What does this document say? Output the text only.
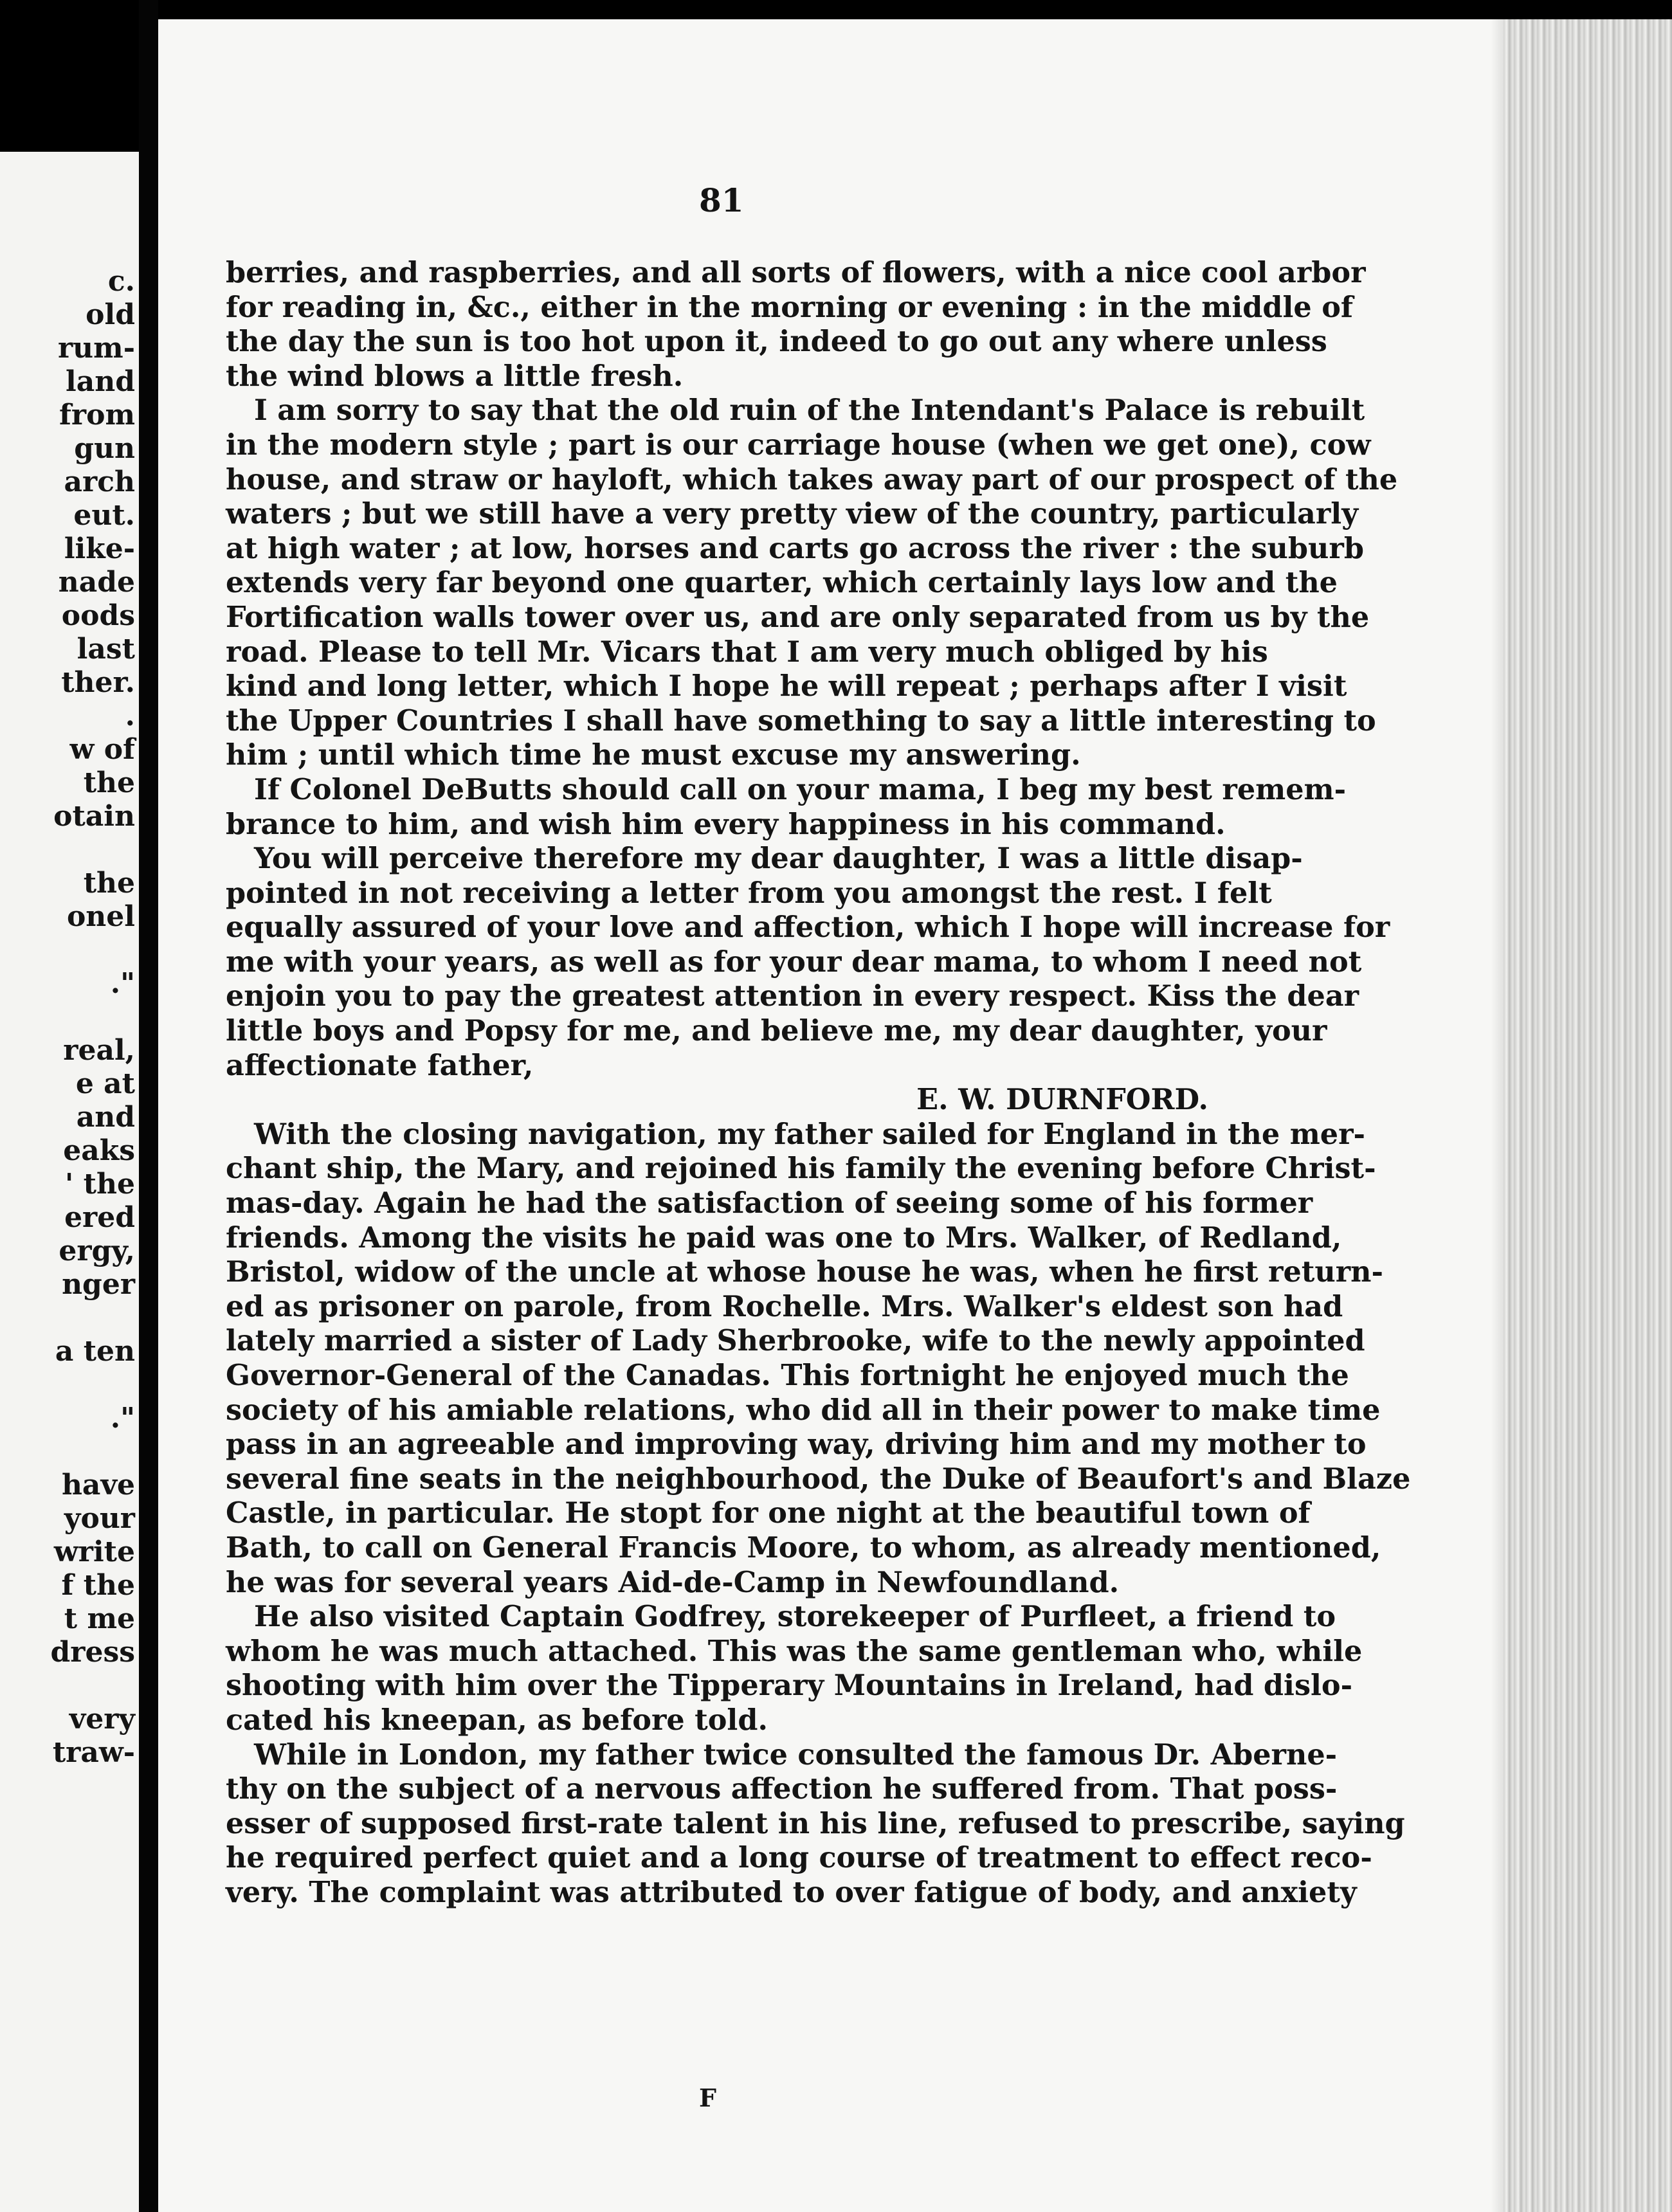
c.
old
rum-
land
from
gun
arch
eut.
like-
nade
oods
last
ther.
.
w of
the
otain
the
onel
."
real,
e at
and
eaks
' the
ered
ergy,
nger
a ten
."
have
your
write
f the
t me
dress
very
traw-
81
berries, and raspberries, and all sorts of flowers, with a nice cool arbor
for reading in, &c., either in the morning or evening : in the middle of
the day the sun is too hot upon it, indeed to go out any where unless
the wind blows a little fresh.
I am sorry to say that the old ruin of the Intendant's Palace is rebuilt
in the modern style ; part is our carriage house (when we get one), cow
house, and straw or hayloft, which takes away part of our prospect of the
waters ; but we still have a very pretty view of the country, particularly
at high water ; at low, horses and carts go across the river : the suburb
extends very far beyond one quarter, which certainly lays low and the
Fortification walls tower over us, and are only separated from us by the
road. Please to tell Mr. Vicars that I am very much obliged by his
kind and long letter, which I hope he will repeat ; perhaps after I visit
the Upper Countries I shall have something to say a little interesting to
him ; until which time he must excuse my answering.
If Colonel DeButts should call on your mama, I beg my best remem-
brance to him, and wish him every happiness in his command.
You will perceive therefore my dear daughter, I was a little disap-
pointed in not receiving a letter from you amongst the rest. I felt
equally assured of your love and affection, which I hope will increase for
me with your years, as well as for your dear mama, to whom I need not
enjoin you to pay the greatest attention in every respect. Kiss the dear
little boys and Popsy for me, and believe me, my dear daughter, your
affectionate father,
E. W. DURNFORD.
With the closing navigation, my father sailed for England in the mer-
chant ship, the Mary, and rejoined his family the evening before Christ-
mas-day. Again he had the satisfaction of seeing some of his former
friends. Among the visits he paid was one to Mrs. Walker, of Redland,
Bristol, widow of the uncle at whose house he was, when he first return-
ed as prisoner on parole, from Rochelle. Mrs. Walker's eldest son had
lately married a sister of Lady Sherbrooke, wife to the newly appointed
Governor-General of the Canadas. This fortnight he enjoyed much the
society of his amiable relations, who did all in their power to make time
pass in an agreeable and improving way, driving him and my mother to
several fine seats in the neighbourhood, the Duke of Beaufort's and Blaze
Castle, in particular. He stopt for one night at the beautiful town of
Bath, to call on General Francis Moore, to whom, as already mentioned,
he was for several years Aid-de-Camp in Newfoundland.
He also visited Captain Godfrey, storekeeper of Purfleet, a friend to
whom he was much attached. This was the same gentleman who, while
shooting with him over the Tipperary Mountains in Ireland, had dislo-
cated his kneepan, as before told.
While in London, my father twice consulted the famous Dr. Aberne-
thy on the subject of a nervous affection he suffered from. That poss-
esser of supposed first-rate talent in his line, refused to prescribe, saying
he required perfect quiet and a long course of treatment to effect reco-
very. The complaint was attributed to over fatigue of body, and anxiety
F
